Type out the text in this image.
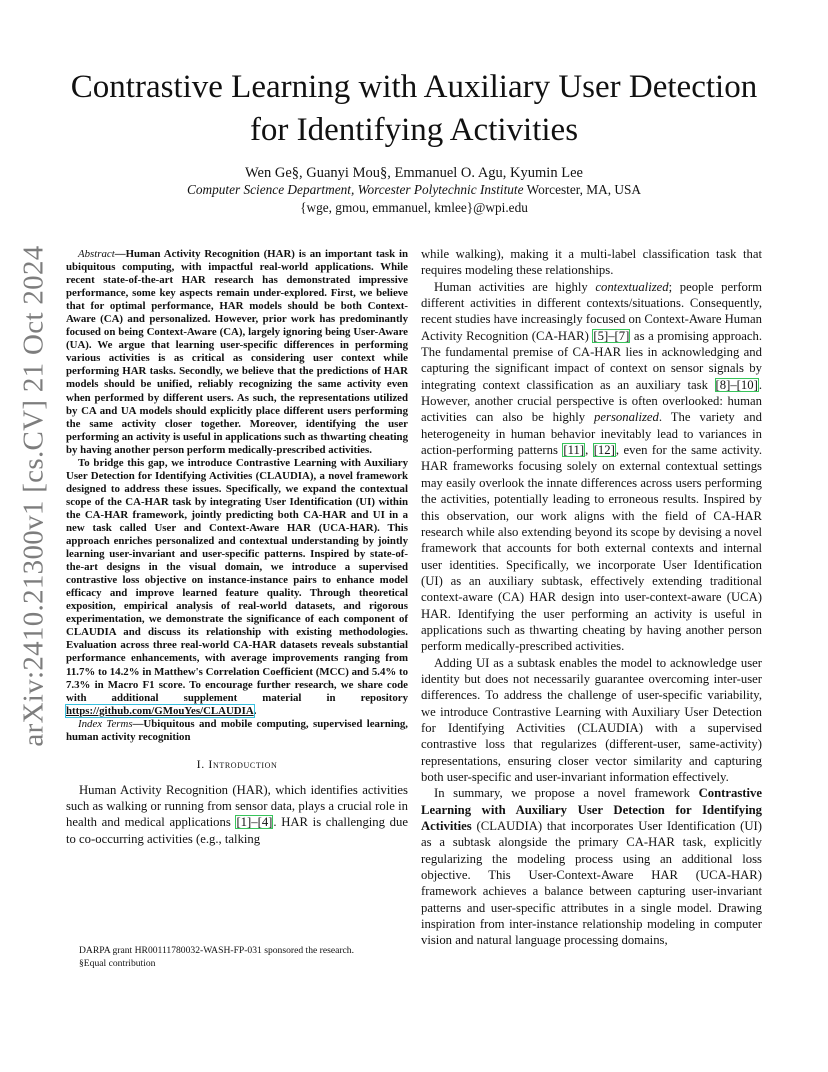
arXiv:2410.21300v1 [cs.CV] 21 Oct 2024
Contrastive Learning with Auxiliary User Detection
for Identifying Activities
Wen Ge§, Guanyi Mou§, Emmanuel O. Agu, Kyumin Lee
Computer Science Department, Worcester Polytechnic Institute Worcester, MA, USA
{wge, gmou, emmanuel, kmlee}@wpi.edu

Abstract—Human Activity Recognition (HAR) is an important task in ubiquitous computing, with impactful real-world applications. While recent state-of-the-art HAR research has demonstrated impressive performance, some key aspects remain under-explored. First, we believe that for optimal performance, HAR models should be both Context-Aware (CA) and personalized. However, prior work has predominantly focused on being Context-Aware (CA), largely ignoring being User-Aware (UA). We argue that learning user-specific differences in performing various activities is as critical as considering user context while performing HAR tasks. Secondly, we believe that the predictions of HAR models should be unified, reliably recognizing the same activity even when performed by different users. As such, the representations utilized by CA and UA models should explicitly place different users performing the same activity closer together. Moreover, identifying the user performing an activity is useful in applications such as thwarting cheating by having another person perform medically-prescribed activities.

To bridge this gap, we introduce Contrastive Learning with Auxiliary User Detection for Identifying Activities (CLAUDIA), a novel framework designed to address these issues. Specifically, we expand the contextual scope of the CA-HAR task by integrating User Identification (UI) within the CA-HAR framework, jointly predicting both CA-HAR and UI in a new task called User and Context-Aware HAR (UCA-HAR). This approach enriches personalized and contextual understanding by jointly learning user-invariant and user-specific patterns. Inspired by state-of-the-art designs in the visual domain, we introduce a supervised contrastive loss objective on instance-instance pairs to enhance model efficacy and improve learned feature quality. Through theoretical exposition, empirical analysis of real-world datasets, and rigorous experimentation, we demonstrate the significance of each component of CLAUDIA and discuss its relationship with existing methodologies. Evaluation across three real-world CA-HAR datasets reveals substantial performance enhancements, with average improvements ranging from 11.7% to 14.2% in Matthew's Correlation Coefficient (MCC) and 5.4% to 7.3% in Macro F1 score. To encourage further research, we share code with additional supplement material in repository https://github.com/GMouYes/CLAUDIA.

Index Terms—Ubiquitous and mobile computing, supervised learning, human activity recognition

I. Introduction

Human Activity Recognition (HAR), which identifies activities such as walking or running from sensor data, plays a crucial role in health and medical applications [1]–[4]. HAR is challenging due to co-occurring activities (e.g., talking

DARPA grant HR00111780032-WASH-FP-031 sponsored the research.
§Equal contribution

while walking), making it a multi-label classification task that requires modeling these relationships.

Human activities are highly contextualized; people perform different activities in different contexts/situations. Consequently, recent studies have increasingly focused on Context-Aware Human Activity Recognition (CA-HAR) [5]–[7] as a promising approach. The fundamental premise of CA-HAR lies in acknowledging and capturing the significant impact of context on sensor signals by integrating context classification as an auxiliary task [8]–[10]. However, another crucial perspective is often overlooked: human activities can also be highly personalized. The variety and heterogeneity in human behavior inevitably lead to variances in action-performing patterns [11], [12], even for the same activity. HAR frameworks focusing solely on external contextual settings may easily overlook the innate differences across users performing the activities, potentially leading to erroneous results. Inspired by this observation, our work aligns with the field of CA-HAR research while also extending beyond its scope by devising a novel framework that accounts for both external contexts and internal user identities. Specifically, we incorporate User Identification (UI) as an auxiliary subtask, effectively extending traditional context-aware (CA) HAR design into user-context-aware (UCA) HAR. Identifying the user performing an activity is useful in applications such as thwarting cheating by having another person perform medically-prescribed activities.

Adding UI as a subtask enables the model to acknowledge user identity but does not necessarily guarantee overcoming inter-user differences. To address the challenge of user-specific variability, we introduce Contrastive Learning with Auxiliary User Detection for Identifying Activities (CLAUDIA) with a supervised contrastive loss that regularizes (different-user, same-activity) representations, ensuring closer vector similarity and capturing both user-specific and user-invariant information effectively.

In summary, we propose a novel framework Contrastive Learning with Auxiliary User Detection for Identifying Activities (CLAUDIA) that incorporates User Identification (UI) as a subtask alongside the primary CA-HAR task, explicitly regularizing the modeling process using an additional loss objective. This User-Context-Aware HAR (UCA-HAR) framework achieves a balance between capturing user-invariant patterns and user-specific attributes in a single model. Drawing inspiration from inter-instance relationship modeling in computer vision and natural language processing domains,
